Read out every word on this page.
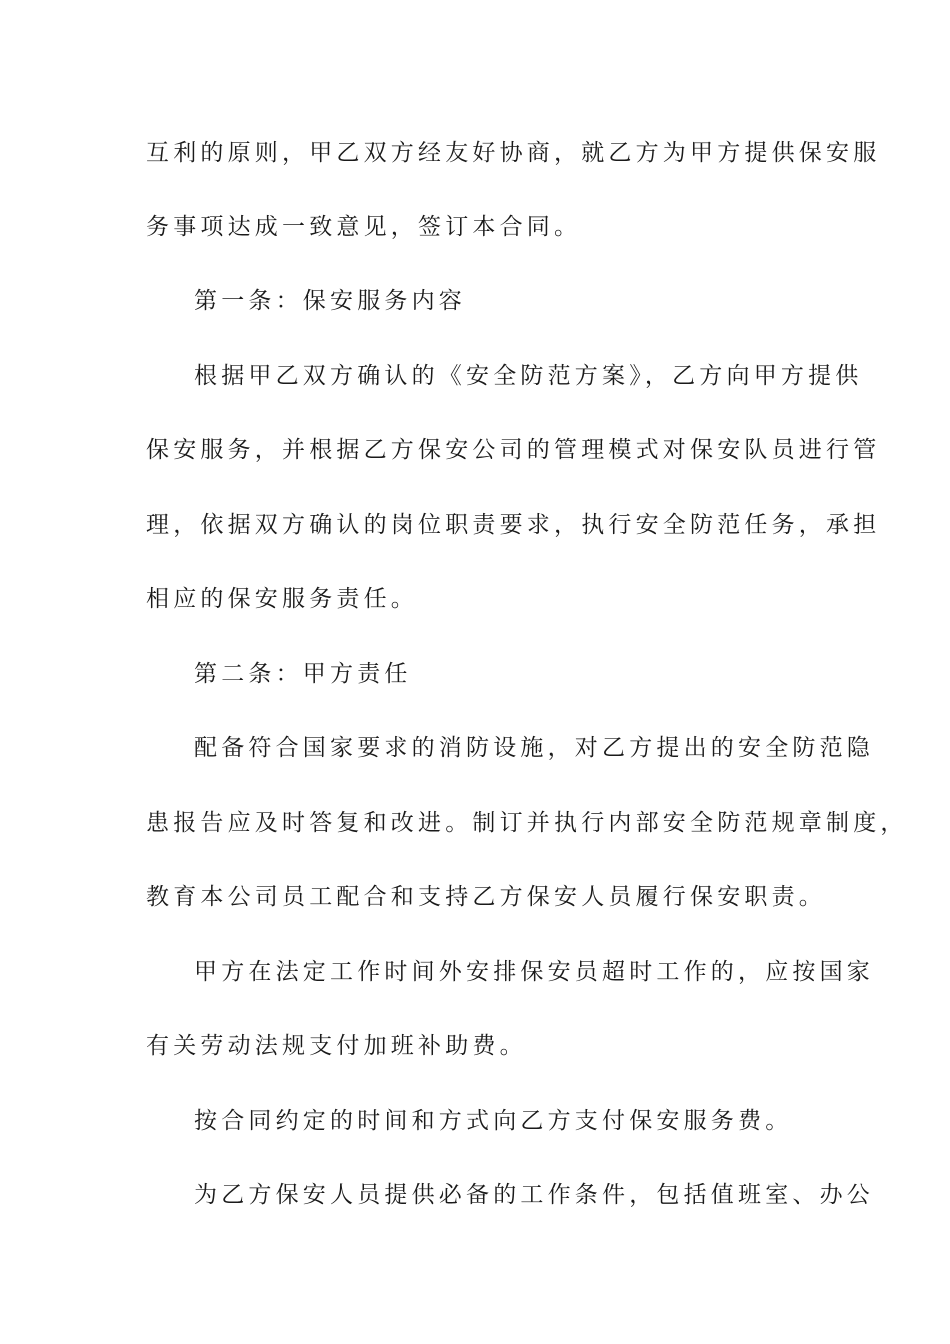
互利的原则，甲乙双方经友好协商，就乙方为甲方提供保安服
务事项达成一致意见，签订本合同。
第一条：保安服务内容
根据甲乙双方确认的《安全防范方案》，乙方向甲方提供
保安服务，并根据乙方保安公司的管理模式对保安队员进行管
理，依据双方确认的岗位职责要求，执行安全防范任务，承担
相应的保安服务责任。
第二条：甲方责任
配备符合国家要求的消防设施，对乙方提出的安全防范隐
患报告应及时答复和改进。制订并执行内部安全防范规章制度，
教育本公司员工配合和支持乙方保安人员履行保安职责。
甲方在法定工作时间外安排保安员超时工作的，应按国家
有关劳动法规支付加班补助费。
按合同约定的时间和方式向乙方支付保安服务费。
为乙方保安人员提供必备的工作条件，包括值班室、办公
